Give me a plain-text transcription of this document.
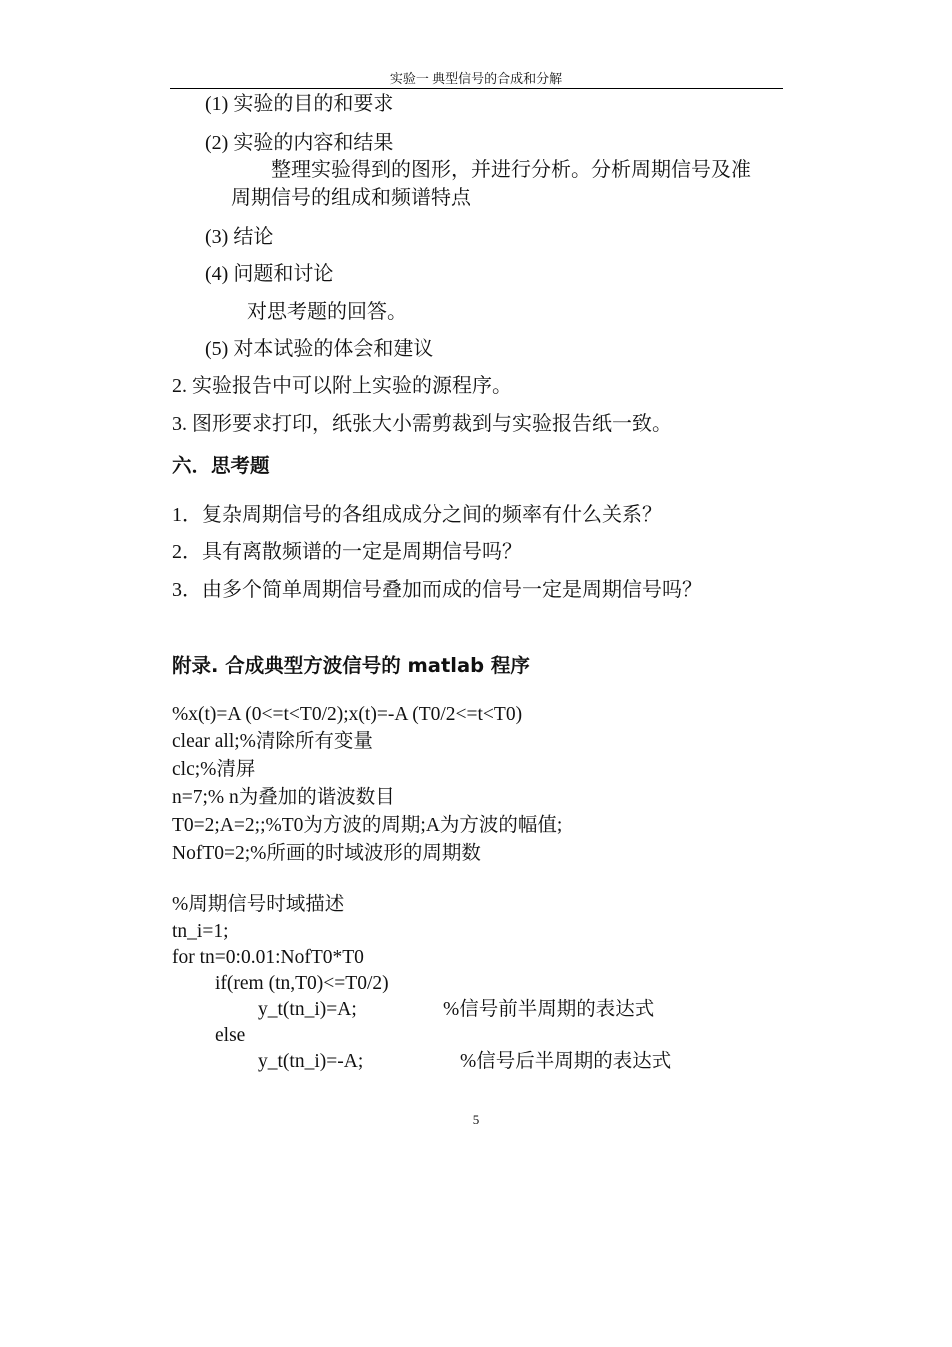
实验一 典型信号的合成和分解
(1) 实验的目的和要求
(2) 实验的内容和结果
整理实验得到的图形，并进行分析。分析周期信号及准
周期信号的组成和频谱特点
(3) 结论
(4) 问题和讨论
对思考题的回答。
(5) 对本试验的体会和建议
2. 实验报告中可以附上实验的源程序。
3. 图形要求打印，纸张大小需剪裁到与实验报告纸一致。
六．思考题
1．复杂周期信号的各组成成分之间的频率有什么关系？
2．具有离散频谱的一定是周期信号吗？
3．由多个简单周期信号叠加而成的信号一定是周期信号吗？
附录. 合成典型方波信号的 matlab 程序
%x(t)=A (0<=t<T0/2);x(t)=-A (T0/2<=t<T0)
clear all;%清除所有变量
clc;%清屏
n=7;% n为叠加的谐波数目
T0=2;A=2;;%T0为方波的周期;A为方波的幅值;
NofT0=2;%所画的时域波形的周期数
%周期信号时域描述
tn_i=1;
for tn=0:0.01:NofT0*T0
if(rem (tn,T0)<=T0/2)
y_t(tn_i)=A;	%信号前半周期的表达式
else
y_t(tn_i)=-A;	%信号后半周期的表达式
5
